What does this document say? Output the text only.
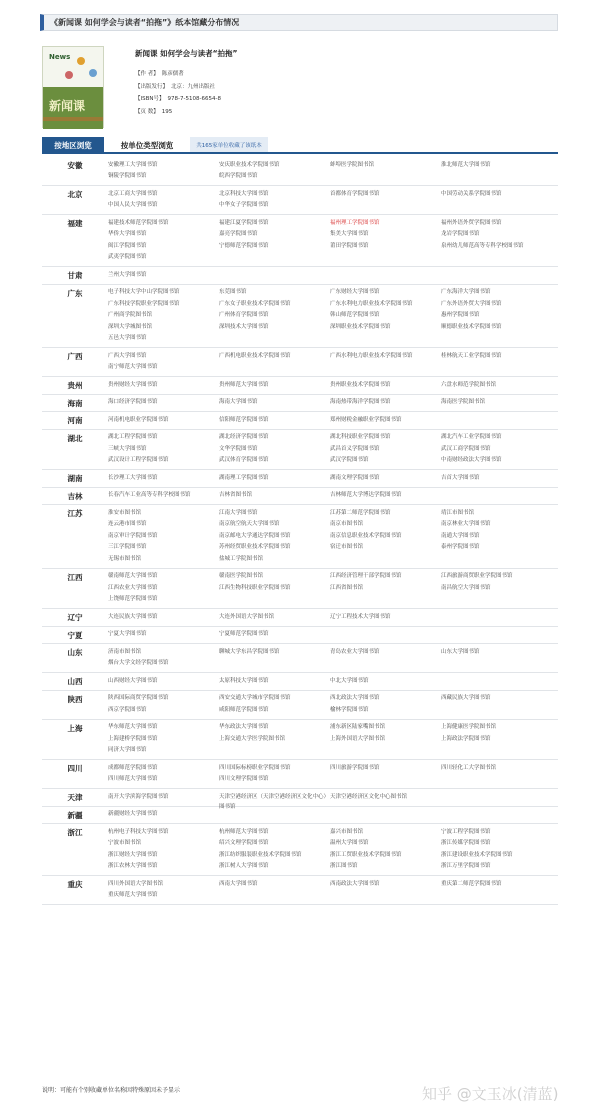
《新闻课 如何学会与读者“拍拖”》纸本馆藏分布情况
News
新闻课
新闻课 如何学会与读者“拍拖”
【作 者】 陈彦儒著
【出版发行】 北京：九州出版社
【ISBN号】 978-7-5108-6654-8
【页 数】 195
按地区浏览	按单位类型浏览	共165家单位收藏了该纸本
安徽	安徽理工大学图书馆	安庆职业技术学院图书馆	蚌埠医学院图书馆	淮北师范大学图书馆
铜陵学院图书馆	皖西学院图书馆
北京	北京工商大学图书馆	北京科技大学图书馆	首都体育学院图书馆	中国劳动关系学院图书馆
中国人民大学图书馆	中华女子学院图书馆
福建	福建技术师范学院图书馆	福建江夏学院图书馆	福州理工学院图书馆	福州外语外贸学院图书馆
华侨大学图书馆	嘉亮学院图书馆	集美大学图书馆	龙岩学院图书馆
闽江学院图书馆	宁德师范学院图书馆	莆田学院图书馆	泉州幼儿师范高等专科学校图书馆
武夷学院图书馆
甘肃	兰州大学图书馆
广东	电子科技大学中山学院图书馆	东莞图书馆	广东财经大学图书馆	广东海洋大学图书馆
广东科技学院职业学院图书馆	广东女子职业技术学院图书馆	广东水利电力职业技术学院图书馆	广东外语外贸大学图书馆
广州商学院图书馆	广州体育学院图书馆	韩山师范学院图书馆	惠州学院图书馆
深圳大学城图书馆	深圳技术大学图书馆	深圳职业技术学院图书馆	顺德职业技术学院图书馆
五邑大学图书馆
广西	广西大学图书馆	广西机电职业技术学院图书馆	广西水利电力职业技术学院图书馆	桂林航天工业学院图书馆
南宁师范大学图书馆
贵州	贵州财经大学图书馆	贵州师范大学图书馆	贵州职业技术学院图书馆	六盘水师范学院图书馆
海南	海口经济学院图书馆	海南大学图书馆	海南热带海洋学院图书馆	海南医学院图书馆
河南	河南机电职业学院图书馆	信阳师范学院图书馆	郑州财税金融职业学院图书馆
湖北	湖北工程学院图书馆	湖北经济学院图书馆	湖北科技职业学院图书馆	湖北汽车工业学院图书馆
三峡大学图书馆	文华学院图书馆	武昌首义学院图书馆	武汉工商学院图书馆
武汉设计工程学院图书馆	武汉体育学院图书馆	武汉学院图书馆	中南财经政法大学图书馆
湖南	长沙理工大学图书馆	湖南理工学院图书馆	湖南文理学院图书馆	吉首大学图书馆
吉林	长春汽车工业高等专科学校图书馆	吉林省图书馆	吉林师范大学博达学院图书馆
江苏	淮安市图书馆	江南大学图书馆	江苏第二师范学院图书馆	靖江市图书馆
连云港市图书馆	南京航空航天大学图书馆	南京市图书馆	南京林业大学图书馆
南京审计学院图书馆	南京邮电大学通达学院图书馆	南京信息职业技术学院图书馆	南通大学图书馆
三江学院图书馆	苏州经贸职业技术学院图书馆	宿迁市图书馆	泰州学院图书馆
无锡市图书馆	盐城工学院图书馆
江西	赣南师范大学图书馆	赣南医学院图书馆	江西经济管理干部学院图书馆	江西旅游商贸职业学院图书馆
江西农业大学图书馆	江西生物科技职业学院图书馆	江西省图书馆	南昌航空大学图书馆
上饶师范学院图书馆
辽宁	大连民族大学图书馆	大连外国语大学图书馆	辽宁工程技术大学图书馆
宁夏	宁夏大学图书馆	宁夏师范学院图书馆
山东	济南市图书馆	聊城大学东昌学院图书馆	青岛农业大学图书馆	山东大学图书馆
烟台大学文经学院图书馆
山西	山西财经大学图书馆	太原科技大学图书馆	中北大学图书馆
陕西	陕西国际商贸学院图书馆	西安交通大学城市学院图书馆	西北政法大学图书馆	西藏民族大学图书馆
西京学院图书馆	咸阳师范学院图书馆	榆林学院图书馆
上海	华东师范大学图书馆	华东政法大学图书馆	浦东新区陆家嘴图书馆	上海健康医学院图书馆
上海建桥学院图书馆	上海交通大学医学院图书馆	上海外国语大学图书馆	上海政法学院图书馆
同济大学图书馆
四川	成都师范学院图书馆	四川国际标榜职业学院图书馆	四川旅游学院图书馆	四川轻化工大学图书馆
四川师范大学图书馆	四川文理学院图书馆
天津	南开大学滨海学院图书馆	天津空港经济区（天津空港经济区文化中心）图书馆
天津空港经济区文化中心图书馆
新疆	新疆财经大学图书馆
浙江	杭州电子科技大学图书馆	杭州师范大学图书馆	嘉兴市图书馆	宁波工程学院图书馆
宁波市图书馆	绍兴文理学院图书馆	温州大学图书馆	浙江传媒学院图书馆
浙江财经大学图书馆	浙江纺织服装职业技术学院图书馆	浙江工贸职业技术学院图书馆	浙江建设职业技术学院图书馆
浙江农林大学图书馆	浙江树人大学图书馆	浙江图书馆	浙江万里学院图书馆
重庆	四川外国语大学图书馆	西南大学图书馆	西南政法大学图书馆	重庆第二师范学院图书馆
重庆师范大学图书馆
说明：可能有个别收藏单位名称因特殊原因未予显示	知乎 @文玉冰(清蓝)
